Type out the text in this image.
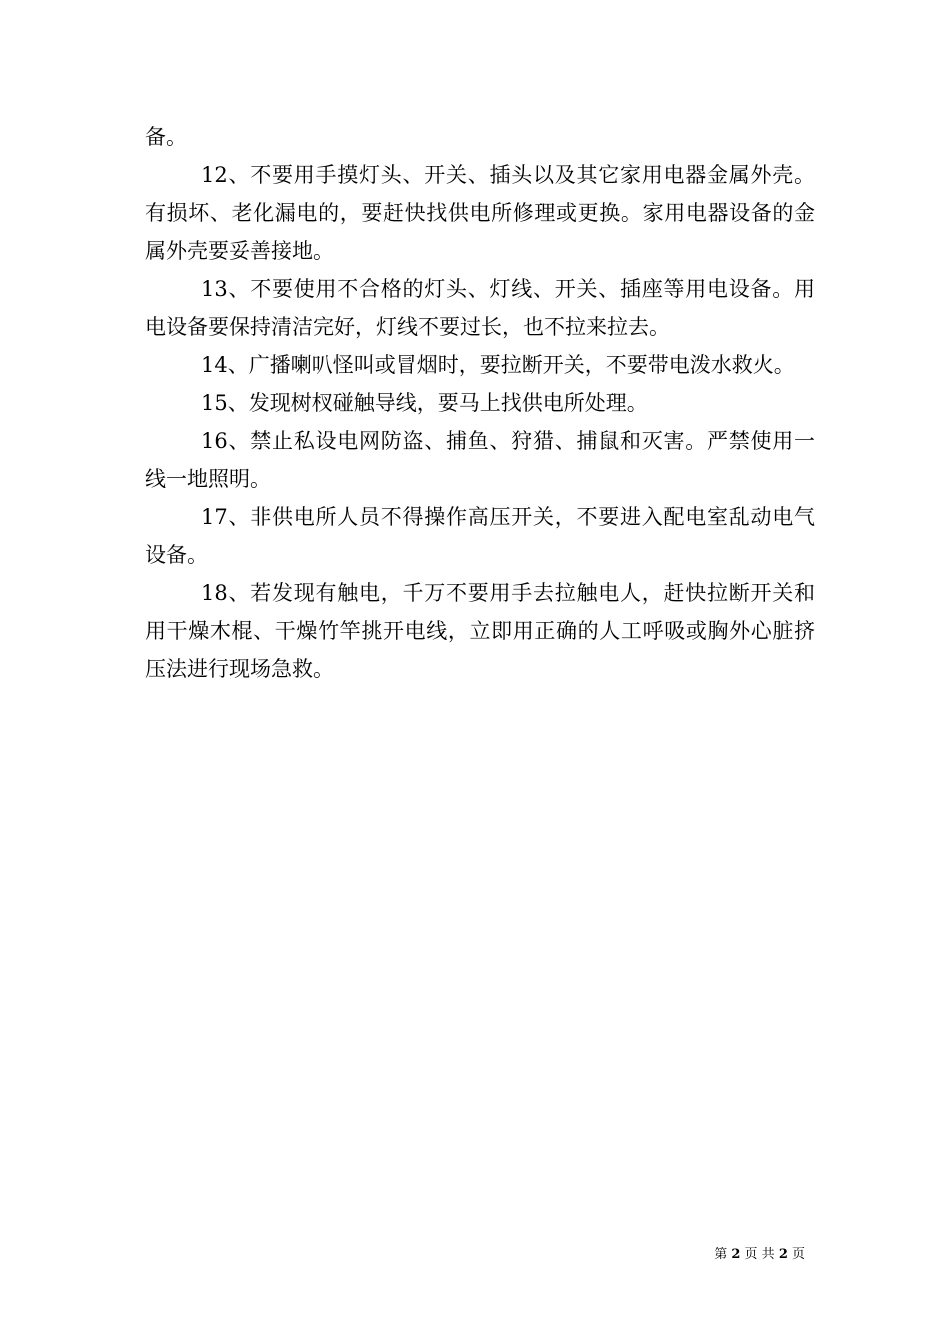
备。

12、不要用手摸灯头、开关、插头以及其它家用电器金属外壳。有损坏、老化漏电的，要赶快找供电所修理或更换。家用电器设备的金属外壳要妥善接地。

13、不要使用不合格的灯头、灯线、开关、插座等用电设备。用电设备要保持清洁完好，灯线不要过长，也不拉来拉去。

14、广播喇叭怪叫或冒烟时，要拉断开关，不要带电泼水救火。

15、发现树杈碰触导线，要马上找供电所处理。

16、禁止私设电网防盗、捕鱼、狩猎、捕鼠和灭害。严禁使用一线一地照明。

17、非供电所人员不得操作高压开关，不要进入配电室乱动电气设备。

18、若发现有触电，千万不要用手去拉触电人，赶快拉断开关和用干燥木棍、干燥竹竿挑开电线，立即用正确的人工呼吸或胸外心脏挤压法进行现场急救。

第 2 页 共 2 页
